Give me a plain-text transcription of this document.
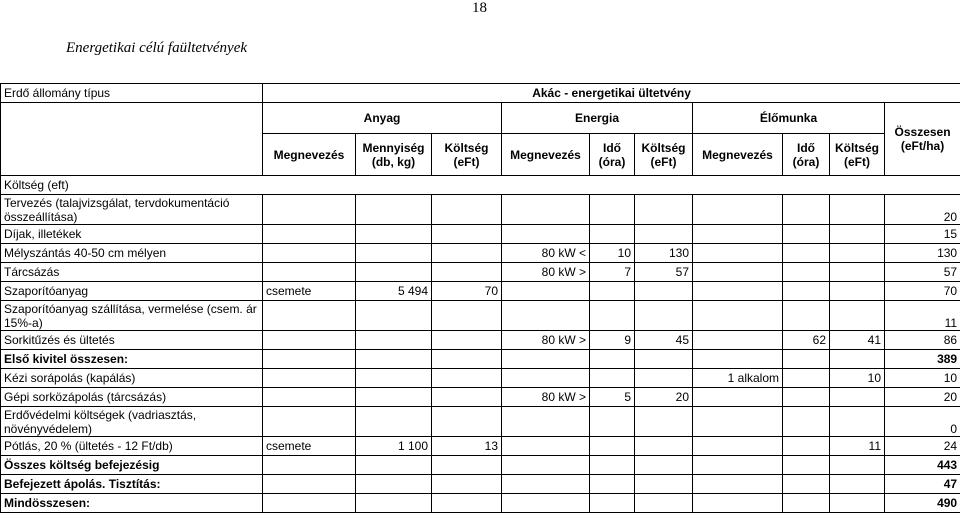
18
Energetikai célú faültetvények
Erdő állomány típus	Akác - energetikai ültetvény									
	Anyag			Energia			Élőmunka			Összesen (eFt/ha)
	Megnevezés	Mennyiség (db, kg)	Költség (eFt)	Megnevezés	Idő (óra)	Költség (eFt)	Megnevezés	Idő (óra)	Költség (eFt)	
Költség (eft)										
Tervezés (talajvizsgálat, tervdokumentáció összeállítása)										20
Díjak, illetékek										15
Mélyszántás 40-50 cm mélyen				80 kW <	10	130				130
Tárcsázás				80 kW >	7	57				57
Szaporítóanyag	csemete	5 494	70							70
Szaporítóanyag szállítása, vermelése (csem. ár 15%-a)										11
Sorkitűzés és ültetés				80 kW >	9	45		62	41	86
Első kivitel összesen:										389
Kézi sorápolás (kapálás)							1 alkalom		10	10
Gépi sorközápolás (tárcsázás)				80 kW >	5	20				20
Erdővédelmi költségek (vadriasztás, növényvédelem)										0
Pótlás, 20 % (ültetés - 12 Ft/db)	csemete	1 100	13						11	24
Összes költség befejezésig										443
Befejezett ápolás. Tisztítás:										47
Mindösszesen:										490
